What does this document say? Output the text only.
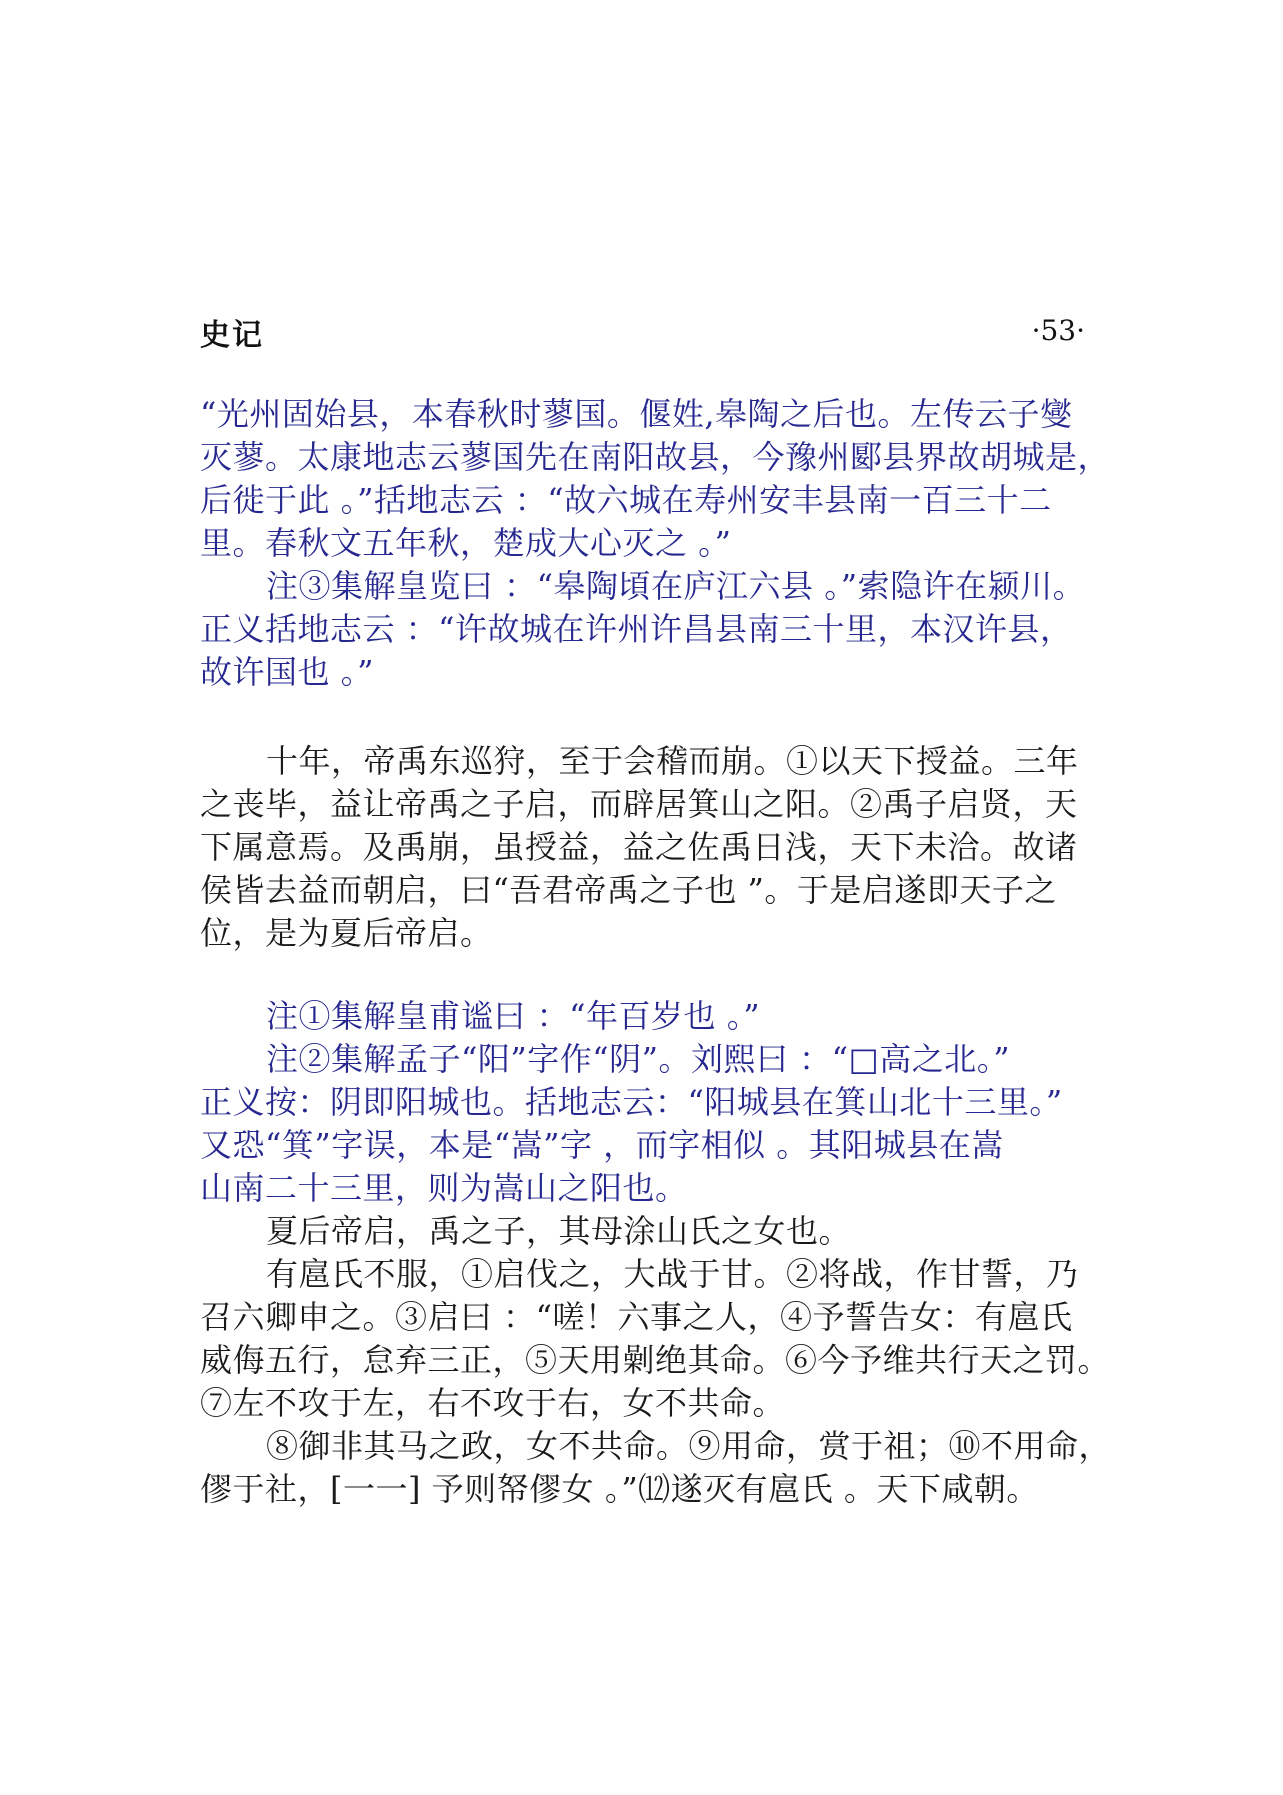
史记	·53·
“光州固始县，本春秋时蓼国。偃姓,皋陶之后也。左传云子燮
灭蓼。太康地志云蓼国先在南阳故县，今豫州郾县界故胡城是，
后徙于此 。”括地志云 ：“故六城在寿州安丰县南一百三十二
里。春秋文五年秋，楚成大心灭之 。”
注③集解皇览曰 ：“皋陶頃在庐江六县 。”索隐许在颍川。
正义括地志云 ：“许故城在许州许昌县南三十里，本汉许县，
故许国也 。”
十年，帝禹东巡狩，至于会稽而崩。①以天下授益。三年
之丧毕，益让帝禹之子启，而辟居箕山之阳。②禹子启贤，天
下属意焉。及禹崩，虽授益，益之佐禹日浅，天下未洽。故诸
侯皆去益而朝启，曰“吾君帝禹之子也 ”。于是启遂即天子之
位，是为夏后帝启。
注①集解皇甫谧曰 ：“年百岁也 。”
注②集解孟子“阳”字作“阴”。刘熙曰 ：“□高之北。”
正义按：阴即阳城也。括地志云：“阳城县在箕山北十三里。”
又恐“箕”字误，本是“嵩”字 ，而字相似 。其阳城县在嵩
山南二十三里，则为嵩山之阳也。
夏后帝启，禹之子，其母涂山氏之女也。
有扈氏不服，①启伐之，大战于甘。②将战，作甘誓，乃
召六卿申之。③启曰 ：“嗟！六事之人，④予誓告女：有扈氏
威侮五行，怠弃三正，⑤天用劋绝其命。⑥今予维共行天之罚。
⑦左不攻于左，右不攻于右，女不共命。
⑧御非其马之政，女不共命。⑨用命，赏于祖；⑩不用命，
僇于社，[一一] 予则帑僇女 。”⑿遂灭有扈氏 。天下咸朝。
